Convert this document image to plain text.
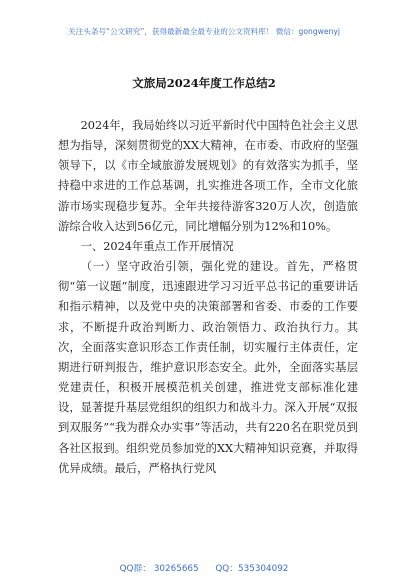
关注头条号“公文研究”，获得最新最全最专业的公文资料库！ 微信：gongwenyj
文旅局2024年度工作总结2

2024年，我局始终以习近平新时代中国特色社会主义思想为指导，深刻贯彻党的XX大精神，在市委、市政府的坚强领导下，以《市全域旅游发展规划》的有效落实为抓手，坚持稳中求进的工作总基调，扎实推进各项工作，全市文化旅游市场实现稳步复苏。全年共接待游客320万人次，创造旅游综合收入达到56亿元，同比增幅分别为12%和10%。

一、2024年重点工作开展情况

（一）坚守政治引领，强化党的建设。首先，严格贯彻“第一议题”制度，迅速跟进学习习近平总书记的重要讲话和指示精神，以及党中央的决策部署和省委、市委的工作要求，不断提升政治判断力、政治领悟力、政治执行力。其次，全面落实意识形态工作责任制，切实履行主体责任，定期进行研判报告，维护意识形态安全。此外，全面落实基层党建责任，积极开展模范机关创建，推进党支部标准化建设，显著提升基层党组织的组织力和战斗力。深入开展“双报到双服务”“我为群众办实事”等活动，共有220名在职党员到各社区报到。组织党员参加党的XX大精神知识竞赛，并取得优异成绩。最后，严格执行党风

QQ群： 30265665      QQ：535304092
